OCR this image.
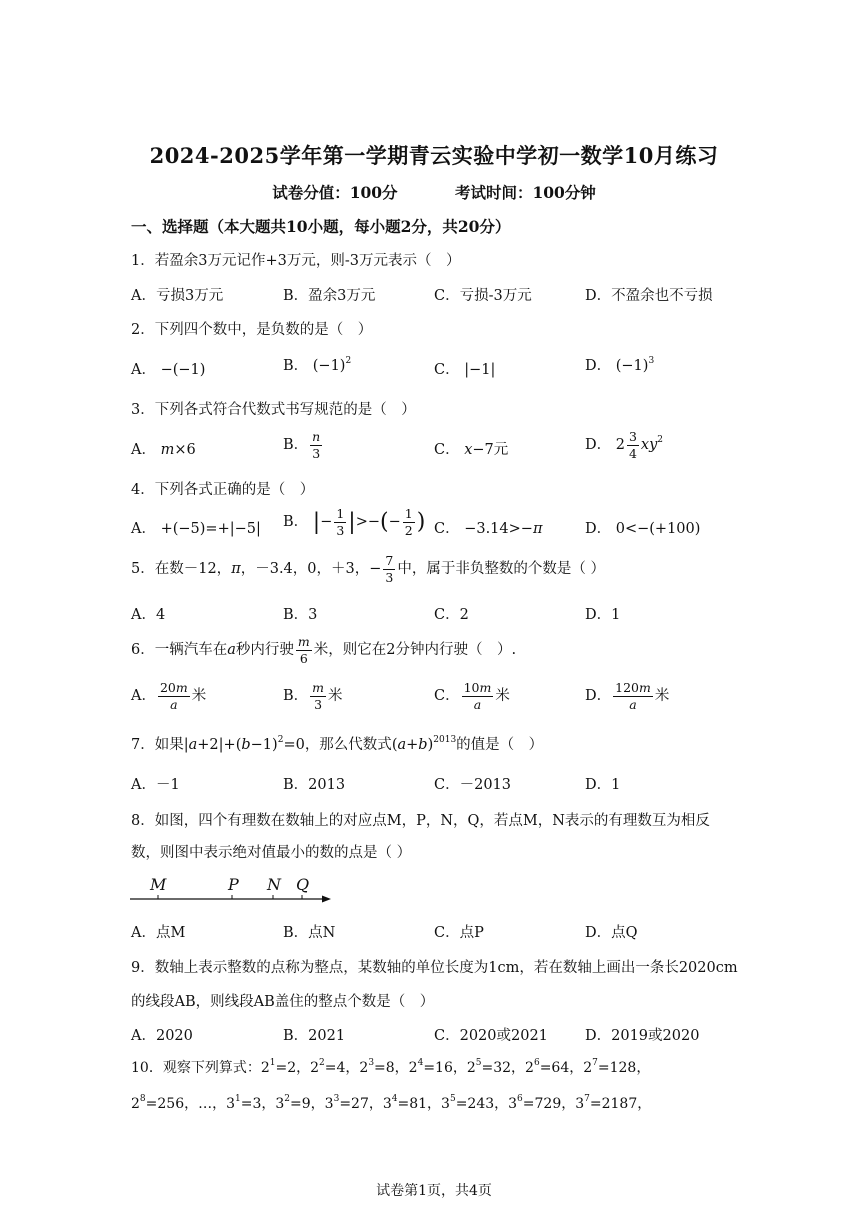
2024-2025学年第一学期青云实验中学初一数学10月练习
试卷分值：100分	考试时间：100分钟
一、选择题（本大题共10小题，每小题2分，共20分）
1．若盈余3万元记作+3万元，则-3万元表示（　）
A．亏损3万元	B．盈余3万元	C．亏损-3万元	D．不盈余也不亏损
2．下列四个数中，是负数的是（　）
A． −(−1)	B． $(-1)^2$
C． |−1|	D． $(-1)^3$
3．下列各式符合代数式书写规范的是（　）
A． m×6	B． $\frac{n}{3}$	C． x−7元	D． $2 \frac{3}{4} xy^2$
4．下列各式正确的是（　）
A． +(−5)=+|−5| B． |− $\frac{1}{3}$ |>−(− $\frac{1}{2}$ ) C． −3.14>−π	D． 0<−(+100)
5．在数－12，π，－3.4，0，＋3，− $\frac{7}{3}$ 中，属于非负整数的个数是（ ）
A．4	B．3	C．2	D．1
6．一辆汽车在a秒内行驶 $\frac{m}{6}$ 米，则它在2分钟内行驶（　）.
A． $\frac{20m}{a}$ 米	B． $\frac{m}{3}$ 米	C． $\frac{10m}{a}$ 米	D． $\frac{120m}{a}$ 米
7．如果$|a+2|+(b-1)^2=0$，那么代数式$(a+b)^{2013}$的值是（　）
A．－1	B．2013	C．－2013	D．1
8．如图，四个有理数在数轴上的对应点M，P，N，Q，若点M，N表示的有理数互为相反
数，则图中表示绝对值最小的数的点是（ ）
M	P N Q
A．点M	B．点N	C．点P	D．点Q
9．数轴上表示整数的点称为整点，某数轴的单位长度为1cm，若在数轴上画出一条长2020cm
的线段AB，则线段AB盖住的整点个数是（　）
A．2020	B．2021	C．2020或2021	D．2019或2020
10．观察下列算式：$2^1=2$，$2^2=4$，$2^3=8$，$2^4=16$，$2^5=32$，$2^6=64$，$2^7=128$，
$2^8=256$，…，$3^1=3$，$3^2=9$，$3^3=27$，$3^4=81$，$3^5=243$，$3^6=729$，$3^7=2187$，
试卷第1页，共4页
